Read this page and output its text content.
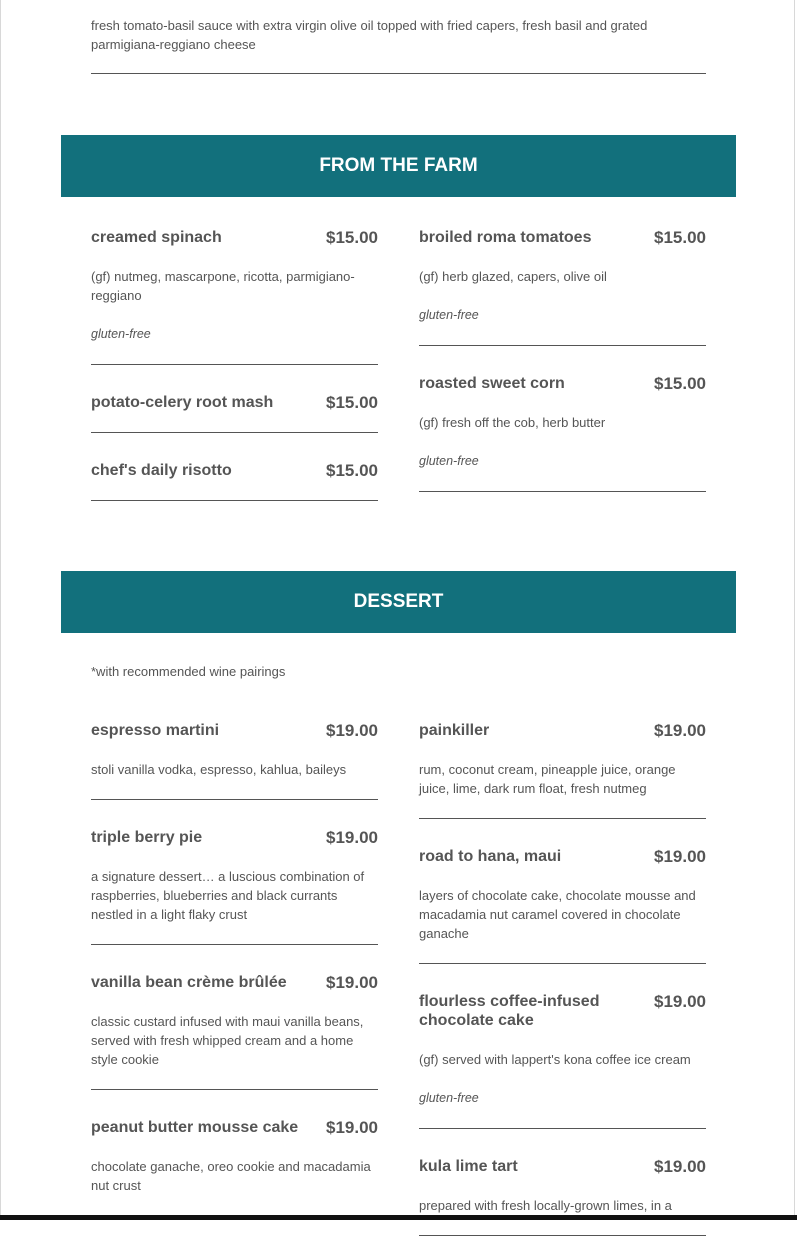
fresh tomato-basil sauce with extra virgin olive oil topped with fried capers, fresh basil and grated parmigiana-reggiano cheese
FROM THE FARM
creamed spinach	$15.00
(gf) nutmeg, mascarpone, ricotta, parmigiano-reggiano
gluten-free
potato-celery root mash	$15.00
chef's daily risotto	$15.00
broiled roma tomatoes	$15.00
(gf) herb glazed, capers, olive oil
gluten-free
roasted sweet corn	$15.00
(gf) fresh off the cob, herb butter
gluten-free
DESSERT
*with recommended wine pairings
espresso martini	$19.00
stoli vanilla vodka, espresso, kahlua, baileys
triple berry pie	$19.00
a signature dessert… a luscious combination of raspberries, blueberries and black currants nestled in a light flaky crust
vanilla bean crème brûlée $19.00
classic custard infused with maui vanilla beans, served with fresh whipped cream and a home style cookie
peanut butter mousse cake $19.00
chocolate ganache, oreo cookie and macadamia nut crust
painkiller	$19.00
rum, coconut cream, pineapple juice, orange juice, lime, dark rum float, fresh nutmeg
road to hana, maui	$19.00
layers of chocolate cake, chocolate mousse and macadamia nut caramel covered in chocolate ganache
flourless coffee-infused chocolate cake
$19.00
(gf) served with lappert's kona coffee ice cream
gluten-free
kula lime tart	$19.00
prepared with fresh locally-grown limes, in a
